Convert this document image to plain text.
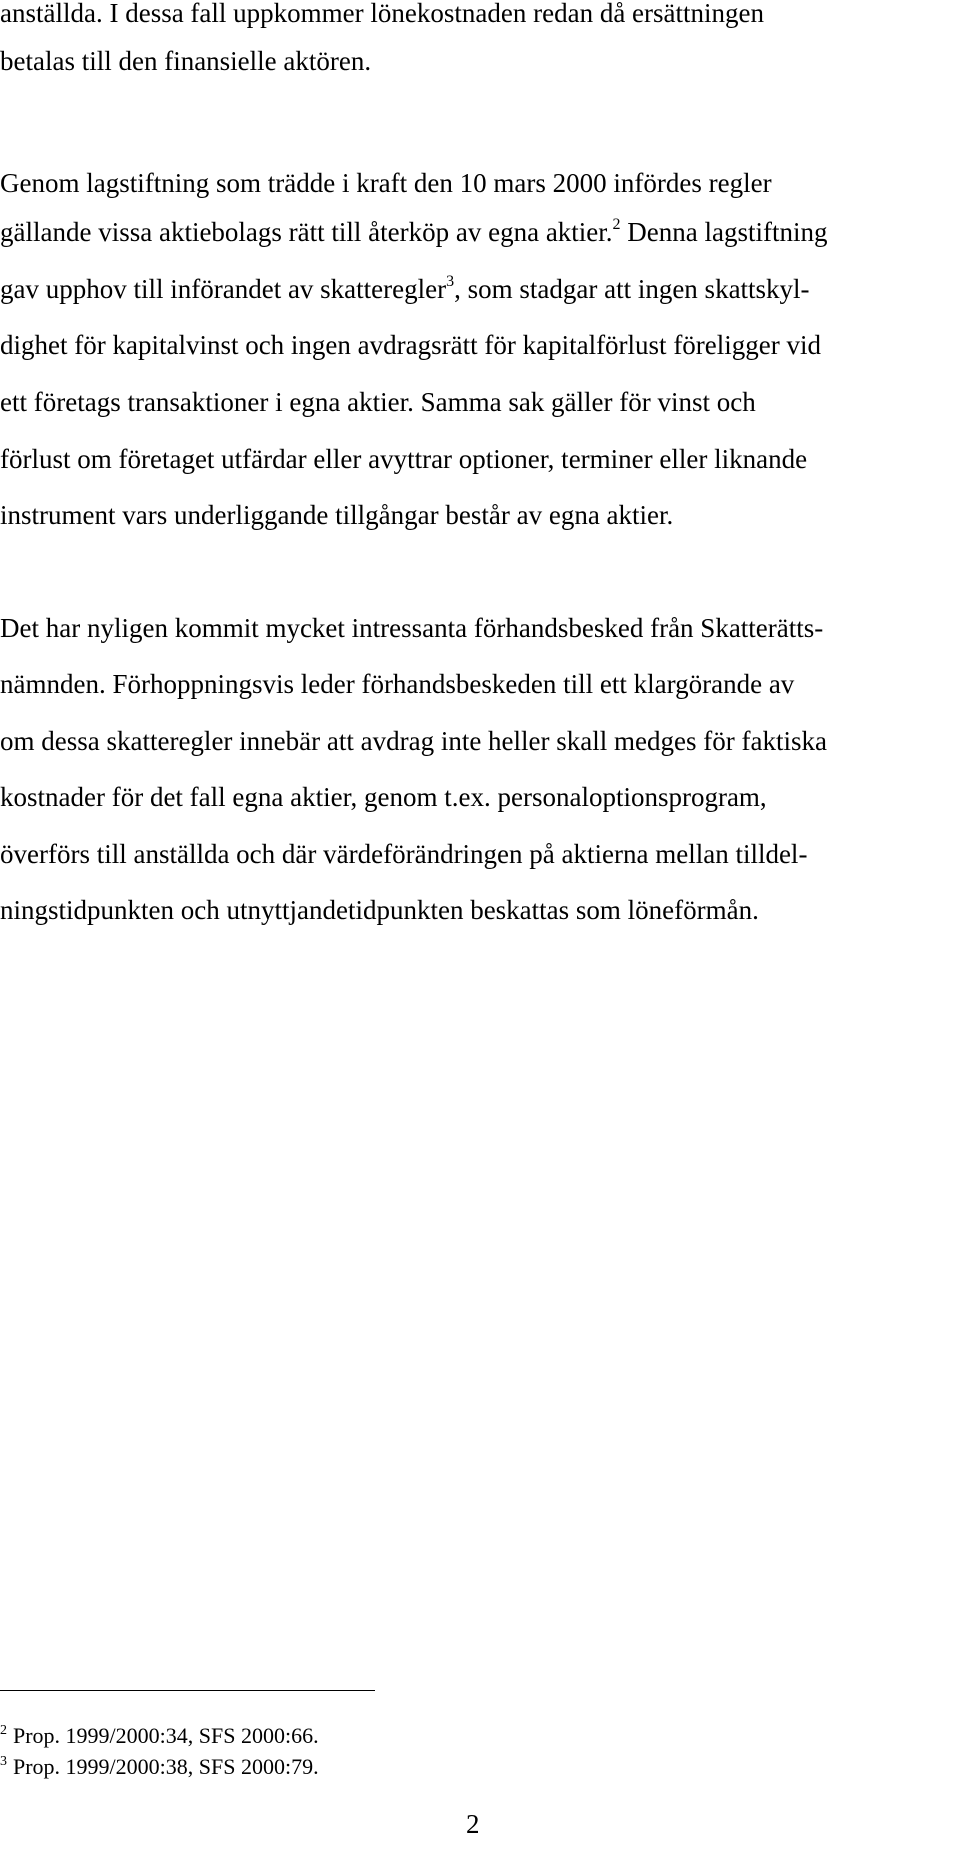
anställda. I dessa fall uppkommer lönekostnaden redan då ersättningen
betalas till den finansielle aktören.
Genom lagstiftning som trädde i kraft den 10 mars 2000 infördes regler
gällande vissa aktiebolags rätt till återköp av egna aktier.$^2$ Denna lagstiftning
gav upphov till införandet av skatteregler$^3$, som stadgar att ingen skattskyl-
dighet för kapitalvinst och ingen avdragsrätt för kapitalförlust föreligger vid
ett företags transaktioner i egna aktier. Samma sak gäller för vinst och
förlust om företaget utfärdar eller avyttrar optioner, terminer eller liknande
instrument vars underliggande tillgångar består av egna aktier.
Det har nyligen kommit mycket intressanta förhandsbesked från Skatterätts-
nämnden. Förhoppningsvis leder förhandsbeskeden till ett klargörande av
om dessa skatteregler innebär att avdrag inte heller skall medges för faktiska
kostnader för det fall egna aktier, genom t.ex. personaloptionsprogram,
överförs till anställda och där värdeförändringen på aktierna mellan tilldel-
ningstidpunkten och utnyttjandetidpunkten beskattas som löneförmån.
$^2$ Prop. 1999/2000:34, SFS 2000:66.
$^3$ Prop. 1999/2000:38, SFS 2000:79.
2
